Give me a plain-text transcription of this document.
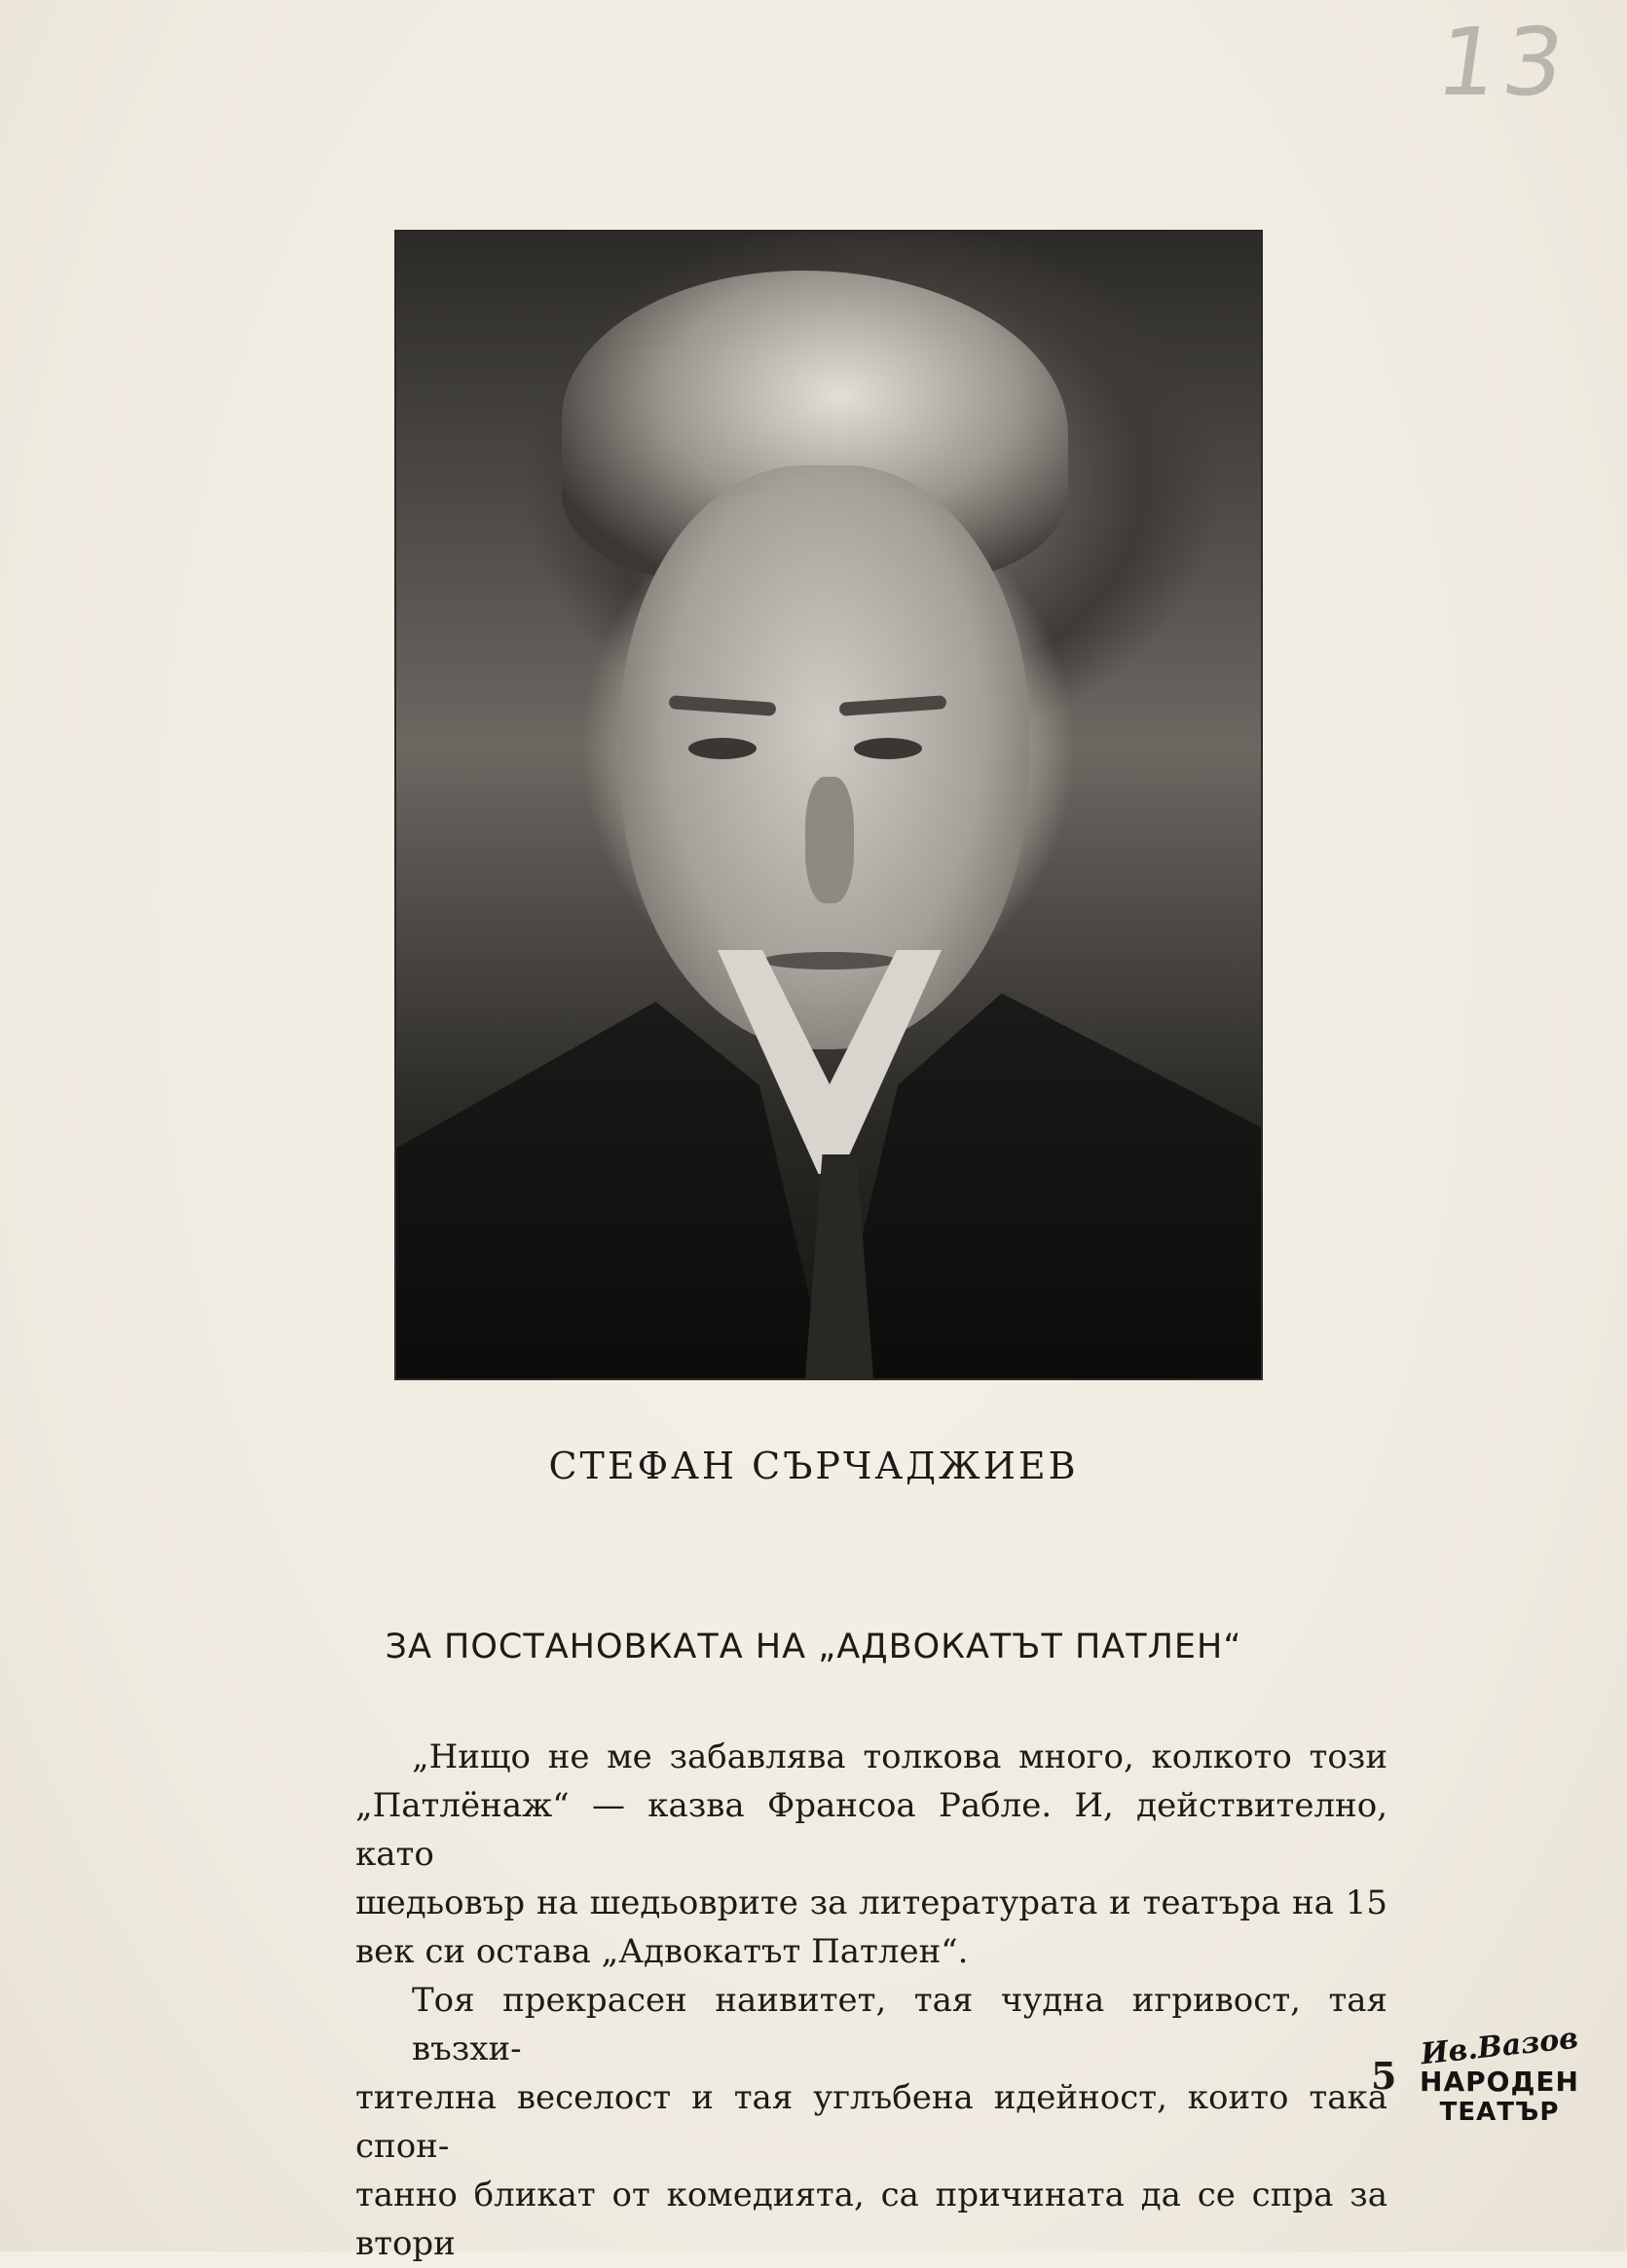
13
СТЕФАН СЪРЧАДЖИЕВ
ЗА ПОСТАНОВКАТА НА „АДВОКАТЪТ ПАТЛЕН“
„Нищо не ме забавлява толкова много, колкото този
„Патлёнаж“ — казва Франсоа Рабле. И, действително, като
шедьовър на шедьоврите за литературата и театъра на 15
век си остава „Адвокатът Патлен“.
Тоя прекрасен наивитет, тая чудна игривост, тая възхи-
тителна веселост и тая углъбена идейност, които така спон-
танно бликат от комедията, са причината да се спра за втори
5
Ив.Вазов
НАРОДЕН
ТЕАТЪР
